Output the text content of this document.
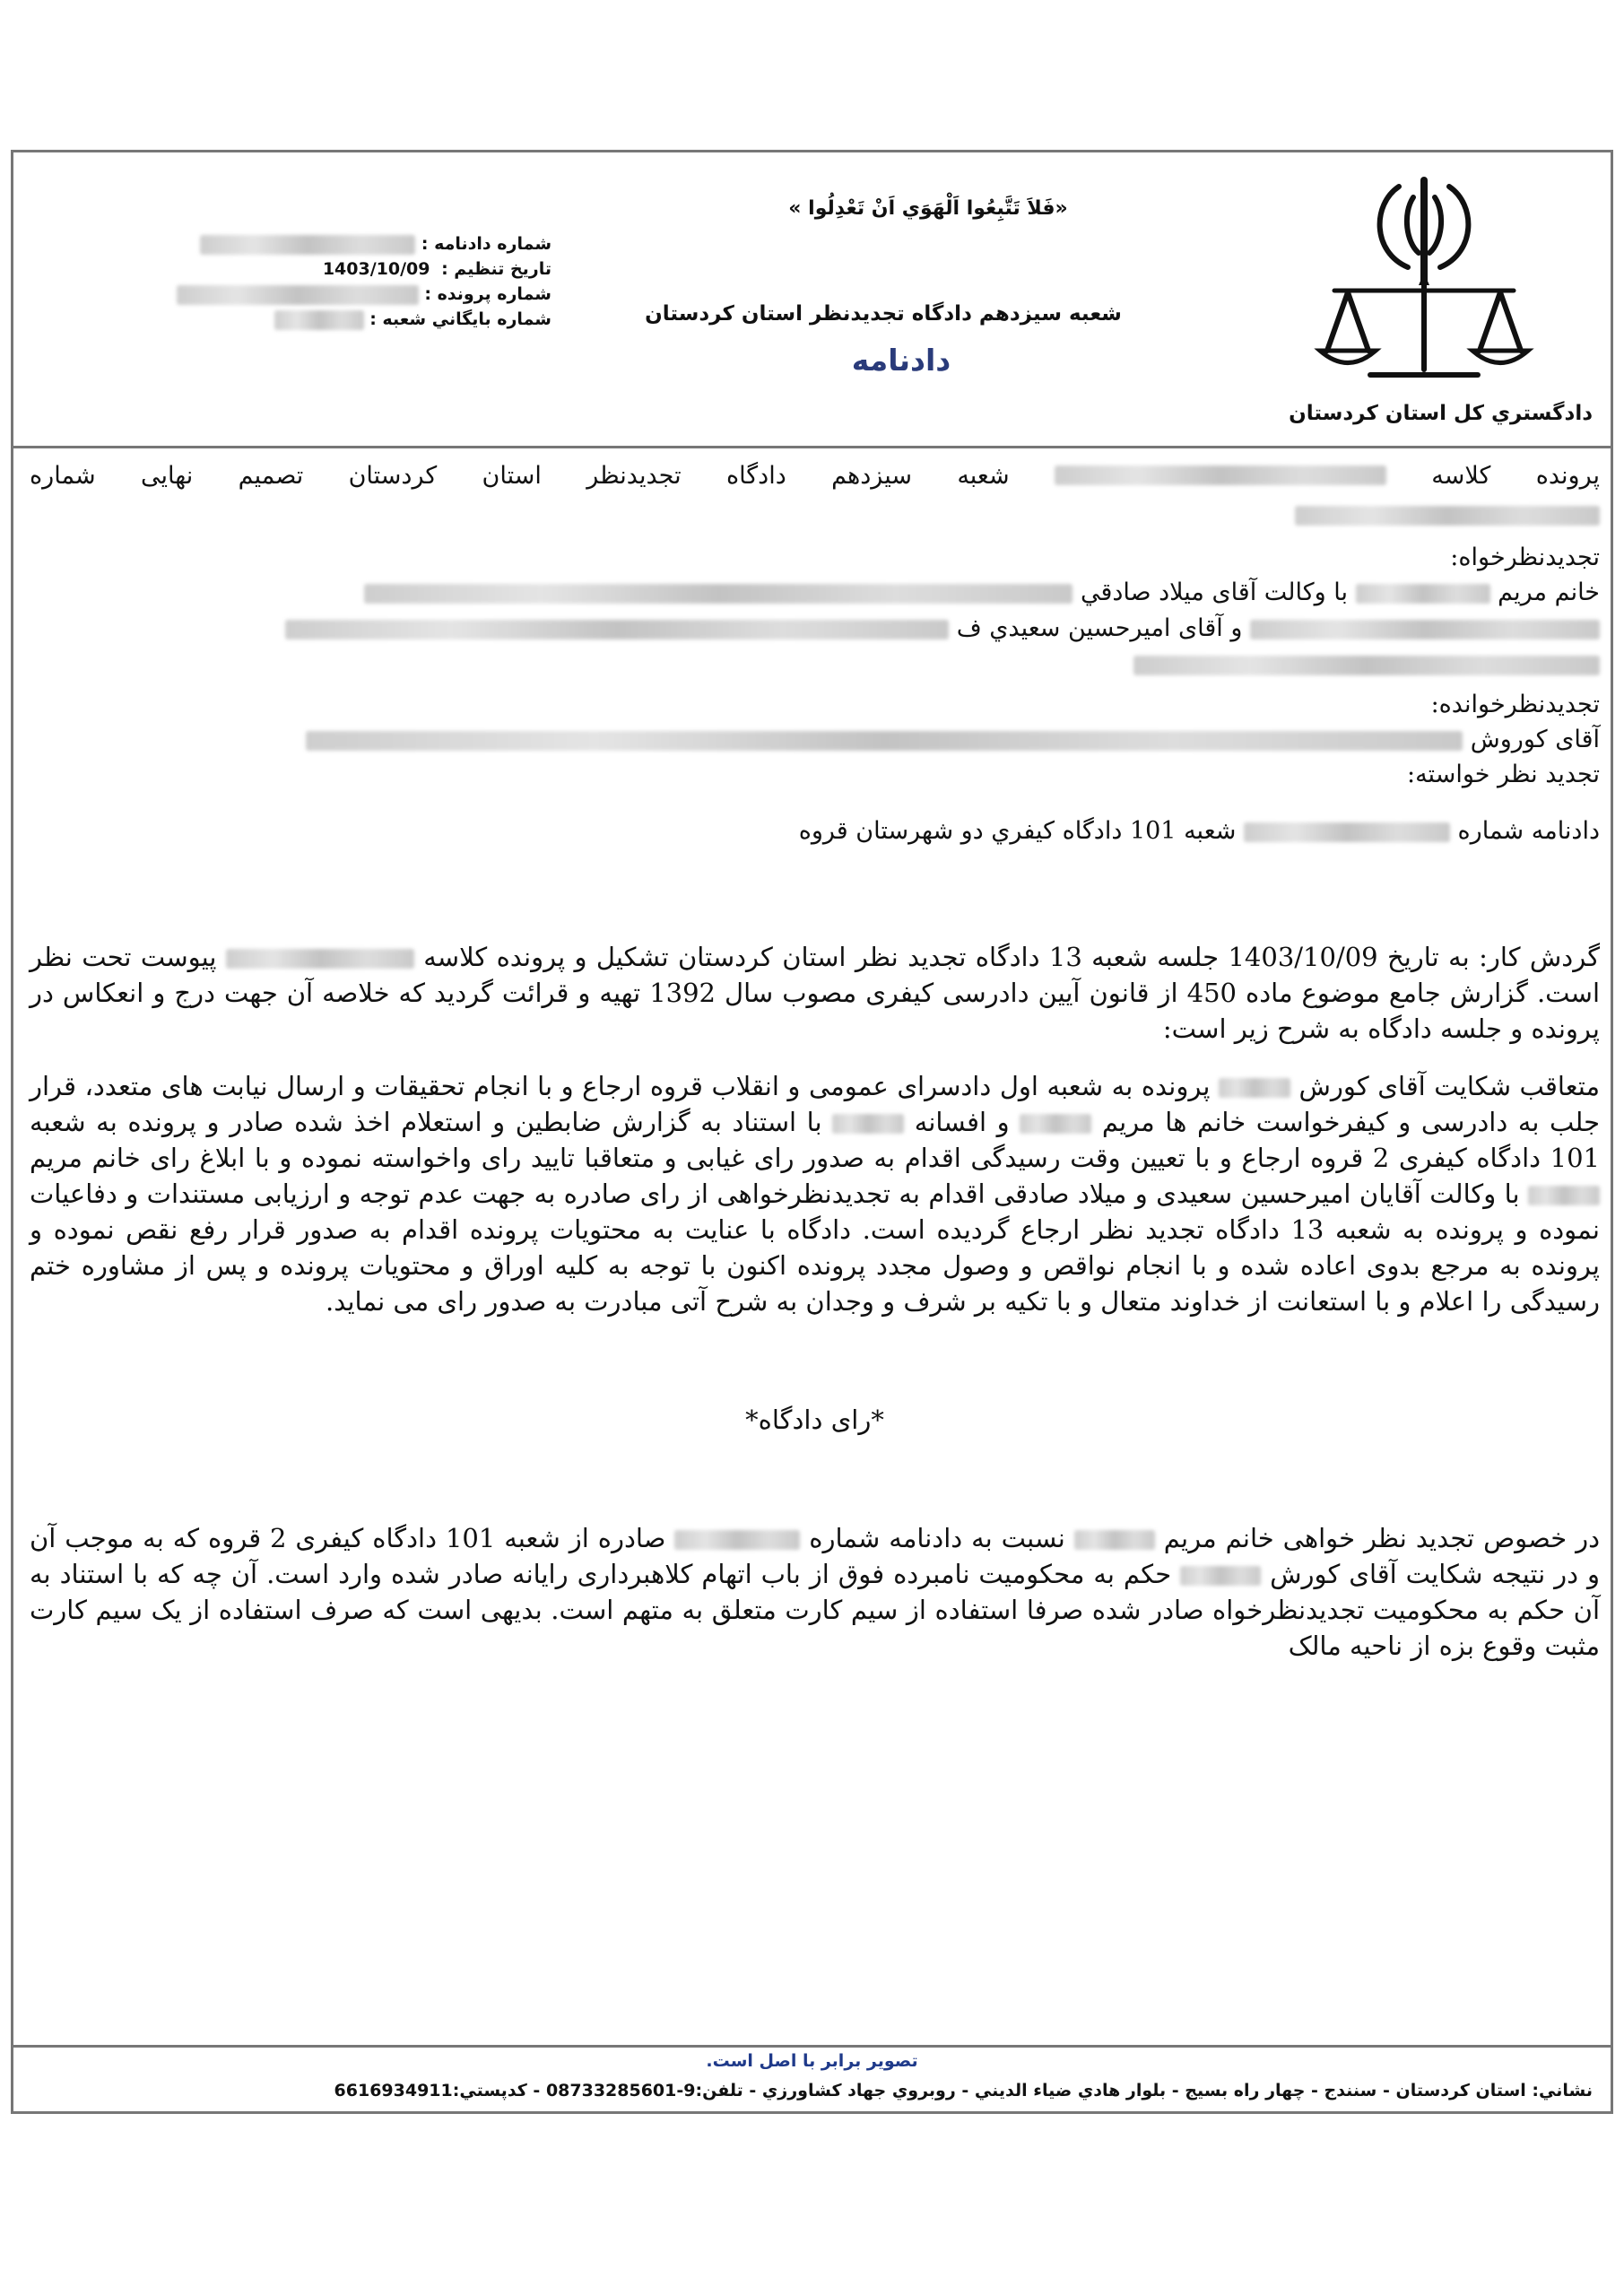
دادگستري كل استان كردستان
«فَلاَ تَتَّبِعُوا اَلْهَوَي اَنْ تَعْدِلُوا »
شعبه سيزدهم دادگاه تجديدنظر استان كردستان
دادنامه
شماره دادنامه :
تاريخ تنظيم : 1403/10/09
شماره پرونده :
شماره بايگاني شعبه :
پرونده
كلاسه
شعبه
سيزدهم
دادگاه
تجديدنظر
استان
كردستان
تصميم
نهايى
شماره

تجدیدنظرخواه:

خانم مریم  با وکالت آقای میلاد صادقي
و آقای امیرحسین سعیدي ف

تجدیدنظرخوانده:

آقای کوروش

تجدید نظر خواسته:

دادنامه شماره  شعبه 101 دادگاه کيفري دو شهرستان قروه

گردش کار: به تاریخ 1403/10/09 جلسه شعبه 13 دادگاه تجدید نظر استان کردستان تشکیل و پرونده کلاسه  پیوست تحت نظر است. گزارش جامع موضوع ماده 450 از قانون آیین دادرسی کیفری مصوب سال 1392 تهیه و قرائت گردید که خلاصه آن جهت درج و انعکاس در پرونده و جلسه دادگاه به شرح زیر است:

متعاقب شکایت آقای کورش  پرونده به شعبه اول دادسرای عمومی و انقلاب قروه ارجاع و با انجام تحقیقات و ارسال نیابت های متعدد، قرار جلب به دادرسی و کیفرخواست خانم ها مریم  و افسانه  با استناد به گزارش ضابطین و استعلام اخذ شده صادر و پرونده به شعبه 101 دادگاه کیفری 2 قروه ارجاع و با تعیین وقت رسیدگی اقدام به صدور رای غیابی و متعاقبا تایید رای واخواسته نموده و با ابلاغ رای خانم مریم  با وکالت آقایان امیرحسین سعیدی و میلاد صادقی اقدام به تجدیدنظرخواهی از رای صادره به جهت عدم توجه و ارزیابی مستندات و دفاعیات نموده و پرونده به شعبه 13 دادگاه تجدید نظر ارجاع گردیده است. دادگاه با عنایت به محتویات پرونده اقدام به صدور قرار رفع نقص نموده و پرونده به مرجع بدوی اعاده شده و با انجام نواقص و وصول مجدد پرونده اکنون با توجه به کلیه اوراق و محتویات پرونده و پس از مشاوره ختم رسیدگی را اعلام و با استعانت از خداوند متعال و با تکیه بر شرف و وجدان به شرح آتی مبادرت به صدور رای می نماید.

*رای دادگاه*

در خصوص تجدید نظر خواهی خانم مریم  نسبت به دادنامه شماره  صادره از شعبه 101 دادگاه کیفری 2 قروه که به موجب آن و در نتیجه شکایت آقای کورش  حکم به محکومیت نامبرده فوق از باب اتهام کلاهبرداری رایانه صادر شده وارد است. آن چه که با استناد به آن حکم به محکومیت تجدیدنظرخواه صادر شده صرفا استفاده از سیم کارت متعلق به متهم است. بدیهی است که صرف استفاده از یک سیم کارت مثبت وقوع بزه از ناحیه مالک

تصوير برابر با اصل است.
نشاني: استان كردستان - سنندج - چهار راه بسيج - بلوار هادي ضياء الديني - روبروي جهاد كشاورزي - تلفن:9-08733285601 - كدپستي:6616934911
